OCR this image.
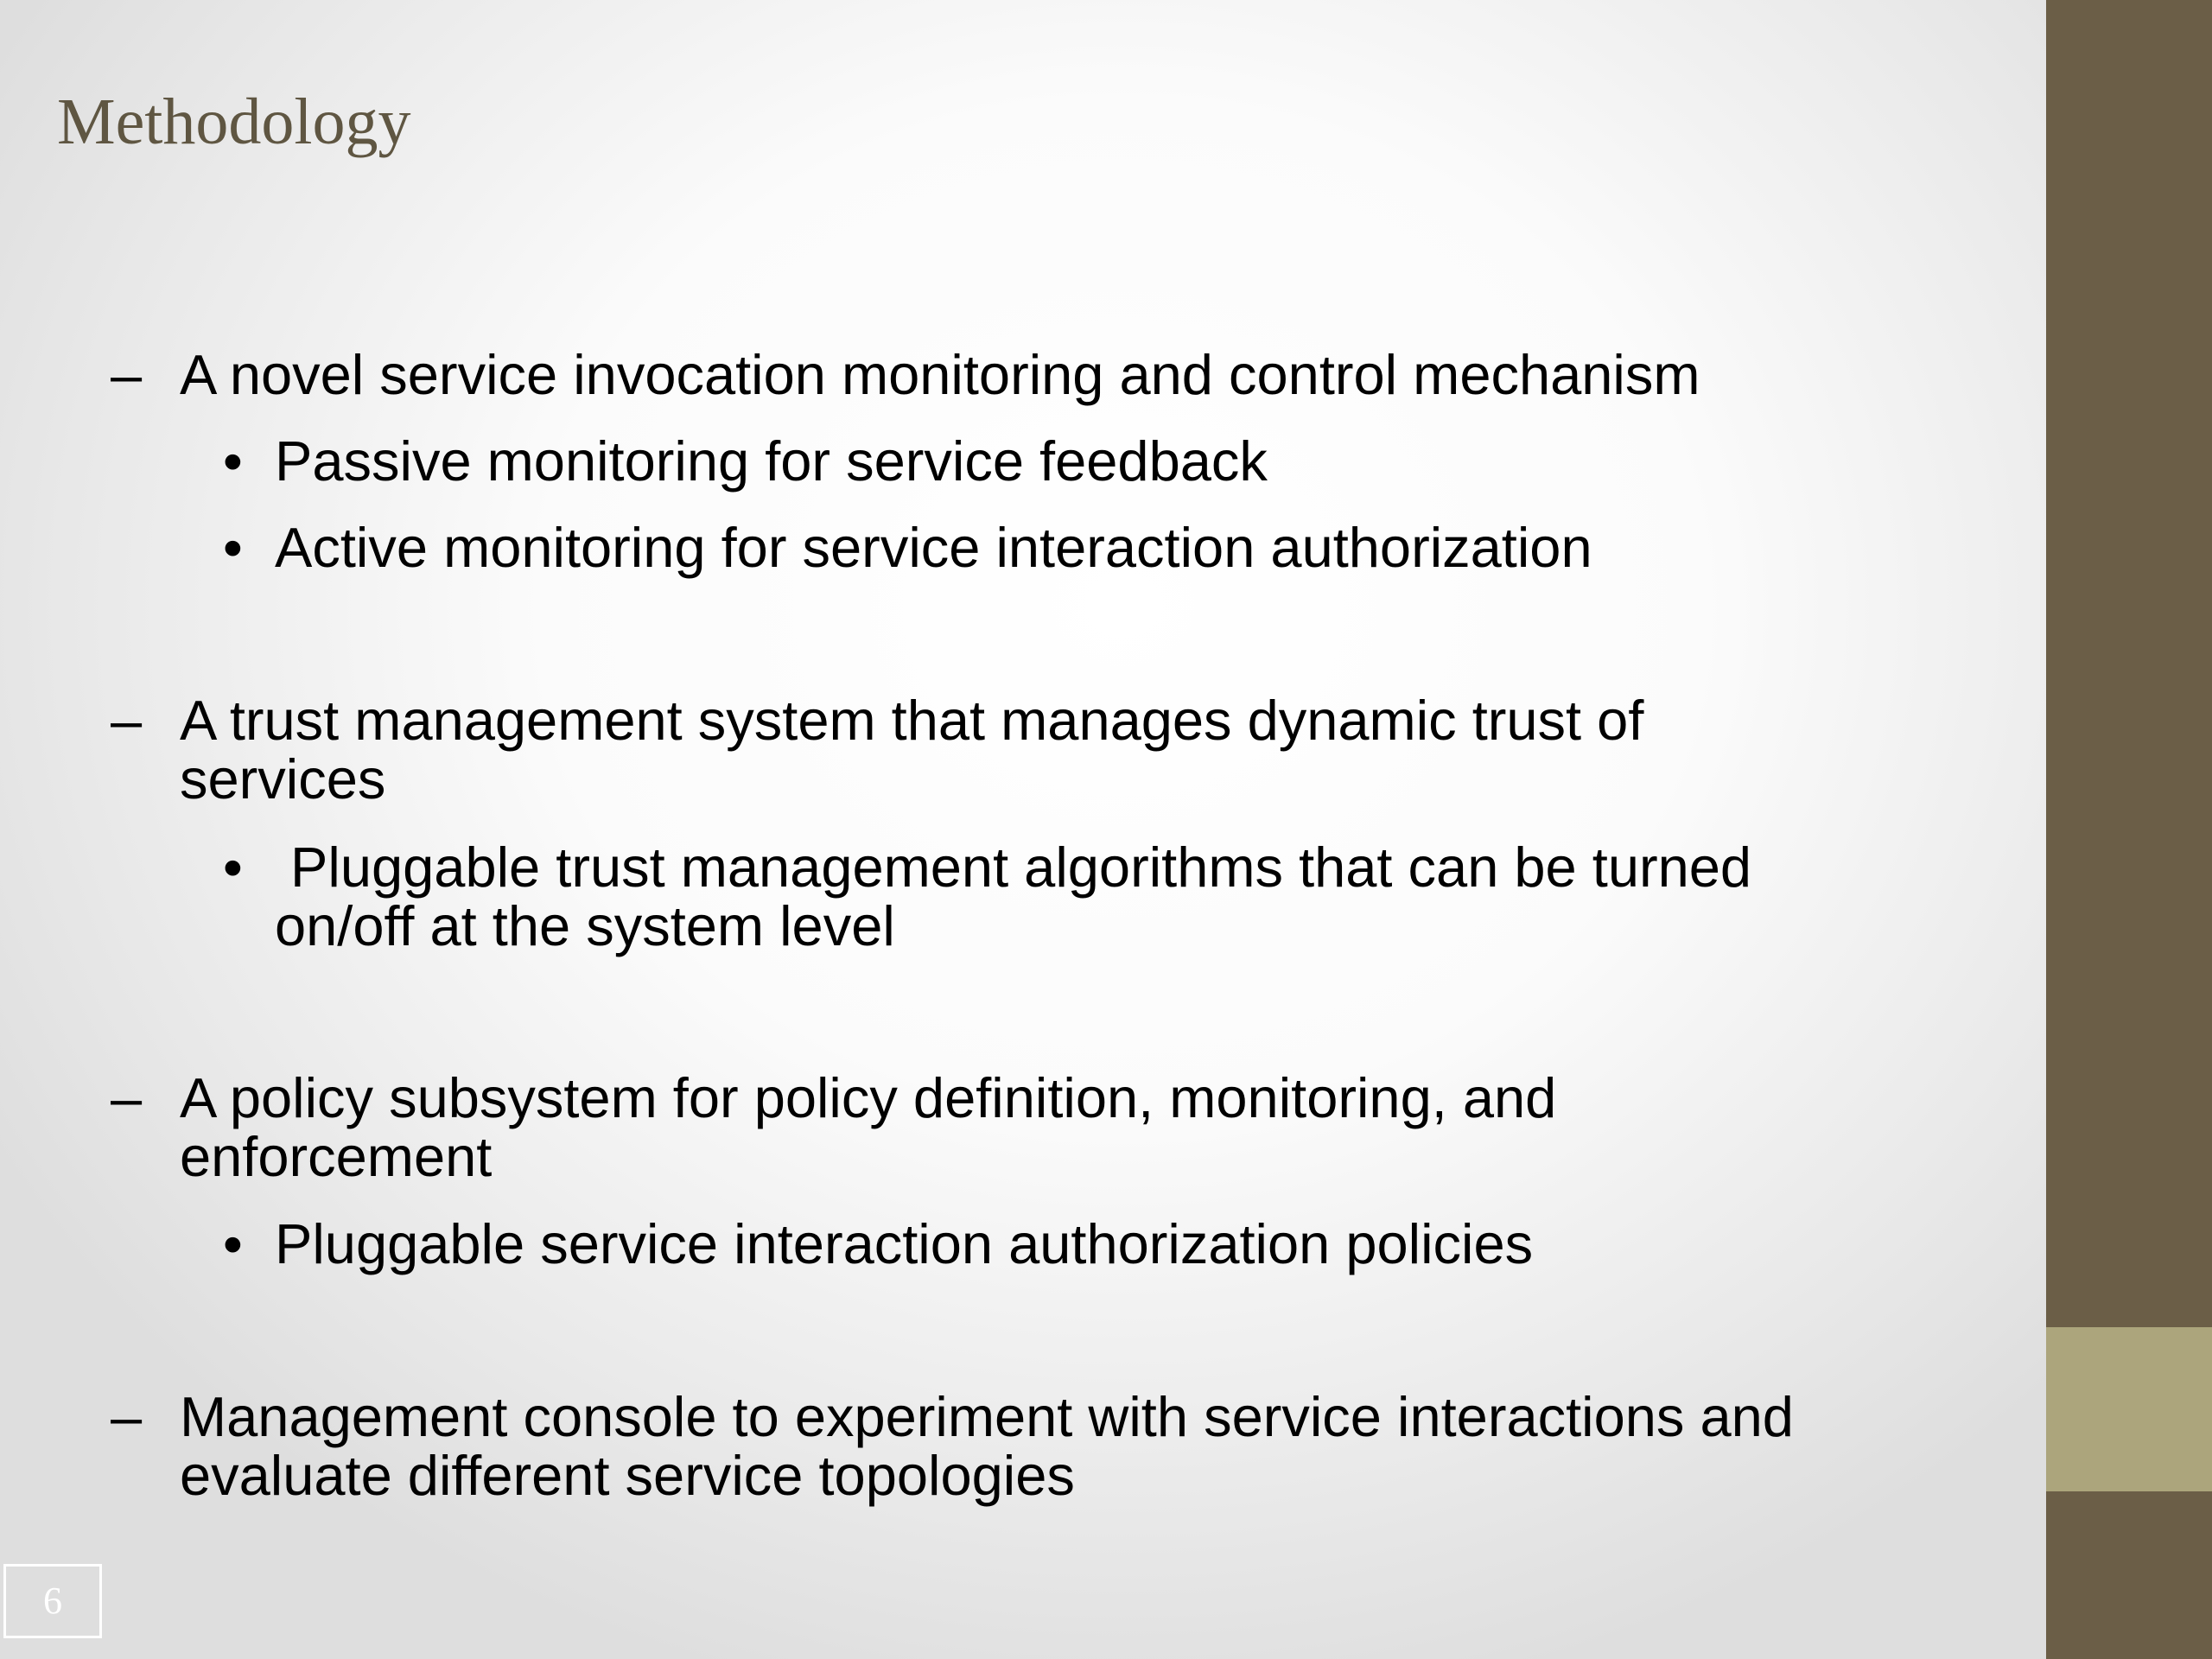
Methodology
– A novel service invocation monitoring and control mechanism
• Passive monitoring for service feedback
• Active monitoring for service interaction authorization
– A trust management system that manages dynamic trust of
services
• Pluggable trust management algorithms that can be turned
on/off at the system level
– A policy subsystem for policy definition, monitoring, and
enforcement
• Pluggable service interaction authorization policies
– Management console to experiment with service interactions and
evaluate different service topologies
6
